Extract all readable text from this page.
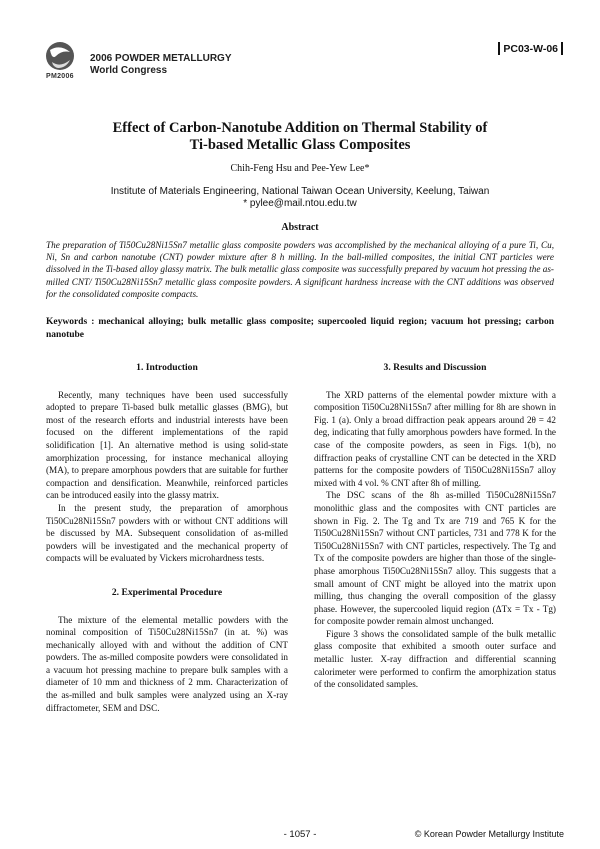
PM2006
2006 POWDER METALLURGY
World Congress
PC03-W-06
Effect of Carbon-Nanotube Addition on Thermal Stability of
Ti-based Metallic Glass Composites
Chih-Feng Hsu and Pee-Yew Lee*
Institute of Materials Engineering, National Taiwan Ocean University, Keelung, Taiwan
* pylee@mail.ntou.edu.tw
Abstract
The preparation of Ti50Cu28Ni15Sn7 metallic glass composite powders was accomplished by the mechanical alloying of a pure Ti, Cu, Ni, Sn and carbon nanotube (CNT) powder mixture after 8 h milling. In the ball-milled composites, the initial CNT particles were dissolved in the Ti-based alloy glassy matrix. The bulk metallic glass composite was successfully prepared by vacuum hot pressing the as-milled CNT/ Ti50Cu28Ni15Sn7 metallic glass composite powders. A significant hardness increase with the CNT additions was observed for the consolidated composite compacts.
Keywords : mechanical alloying; bulk metallic glass composite; supercooled liquid region; vacuum hot pressing; carbon nanotube
1. Introduction

Recently, many techniques have been used successfully adopted to prepare Ti-based bulk metallic glasses (BMG), but most of the research efforts and industrial interests have been focused on the different implementations of the rapid solidification [1]. An alternative method is using solid-state amorphization processing, for instance mechanical alloying (MA), to prepare amorphous powders that are suitable for further compaction and densification. Meanwhile, reinforced particles can be introduced easily into the glassy matrix.

In the present study, the preparation of amorphous Ti50Cu28Ni15Sn7 powders with or without CNT additions will be discussed by MA. Subsequent consolidation of as-milled powders will be investigated and the mechanical property of compacts will be evaluated by Vickers microhardness tests.

2. Experimental Procedure

The mixture of the elemental metallic powders with the nominal composition of Ti50Cu28Ni15Sn7 (in at. %) was mechanically alloyed with and without the addition of CNT powders. The as-milled composite powders were consolidated in a vacuum hot pressing machine to prepare bulk samples with a diameter of 10 mm and thickness of 2 mm. Characterization of the as-milled and bulk samples were analyzed using an X-ray diffractometer, SEM and DSC.

3. Results and Discussion

The XRD patterns of the elemental powder mixture with a composition Ti50Cu28Ni15Sn7 after milling for 8h are shown in Fig. 1 (a). Only a broad diffraction peak appears around 2θ = 42 deg, indicating that fully amorphous powders have formed. In the case of the composite powders, as seen in Figs. 1(b), no diffraction peaks of crystalline CNT can be detected in the XRD patterns for the composite powders of Ti50Cu28Ni15Sn7 alloy mixed with 4 vol. % CNT after 8h of milling.

The DSC scans of the 8h as-milled Ti50Cu28Ni15Sn7 monolithic glass and the composites with CNT particles are shown in Fig. 2. The Tg and Tx are 719 and 765 K for the Ti50Cu28Ni15Sn7 without CNT particles, 731 and 778 K for the Ti50Cu28Ni15Sn7 with CNT particles, respectively. The Tg and Tx of the composite powders are higher than those of the single-phase amorphous Ti50Cu28Ni15Sn7 alloy. This suggests that a small amount of CNT might be alloyed into the matrix upon milling, thus changing the overall composition of the glassy phase. However, the supercooled liquid region (ΔTx = Tx - Tg) for composite powder remain almost unchanged.

Figure 3 shows the consolidated sample of the bulk metallic glass composite that exhibited a smooth outer surface and metallic luster. X-ray diffraction and differential scanning calorimeter were performed to confirm the amorphization status of the consolidated samples.

- 1057 -	© Korean Powder Metallurgy Institute
